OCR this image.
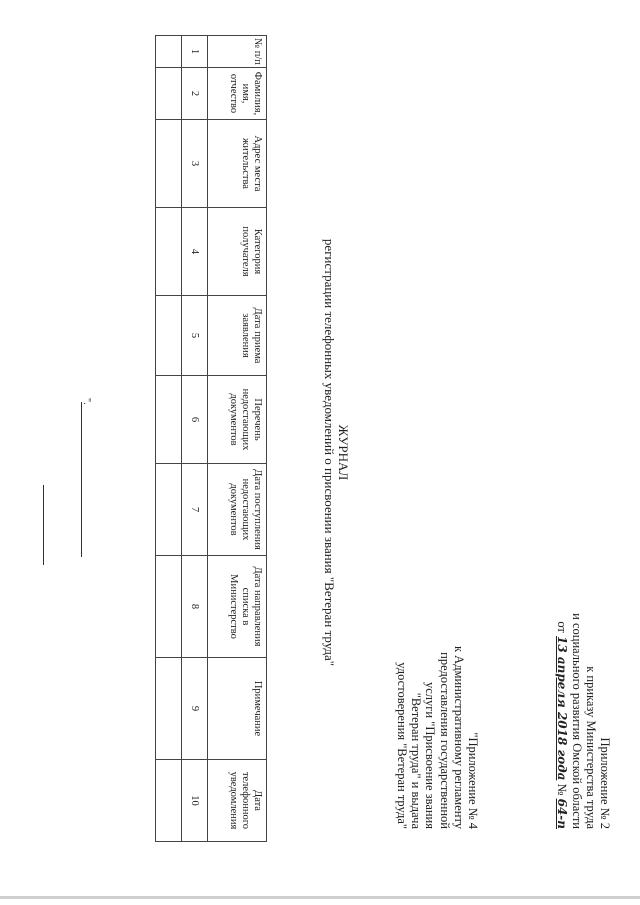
Приложение № 2
к приказу Министерства труда
и социального развития Омской области
от 13 апреля 2018 года № 64-п
"Приложение № 4
к Административному регламенту
предоставления государственной
услуги "Присвоение звания
"Ветеран труда" и выдача
удостоверения "Ветеран труда"
ЖУРНАЛ
регистрации телефонных уведомлений о присвоении звания "Ветеран труда"
№ п/п	Фамилия, имя, отчество	Адрес места жительства	Категория получателя	Дата приема заявления	Перечень недостающих документов	Дата поступления недостающих документов	Дата направления списка в Министерство	Примечание	Дата телефонного уведомления
1	2	3	4	5	6	7	8	9	10

".
